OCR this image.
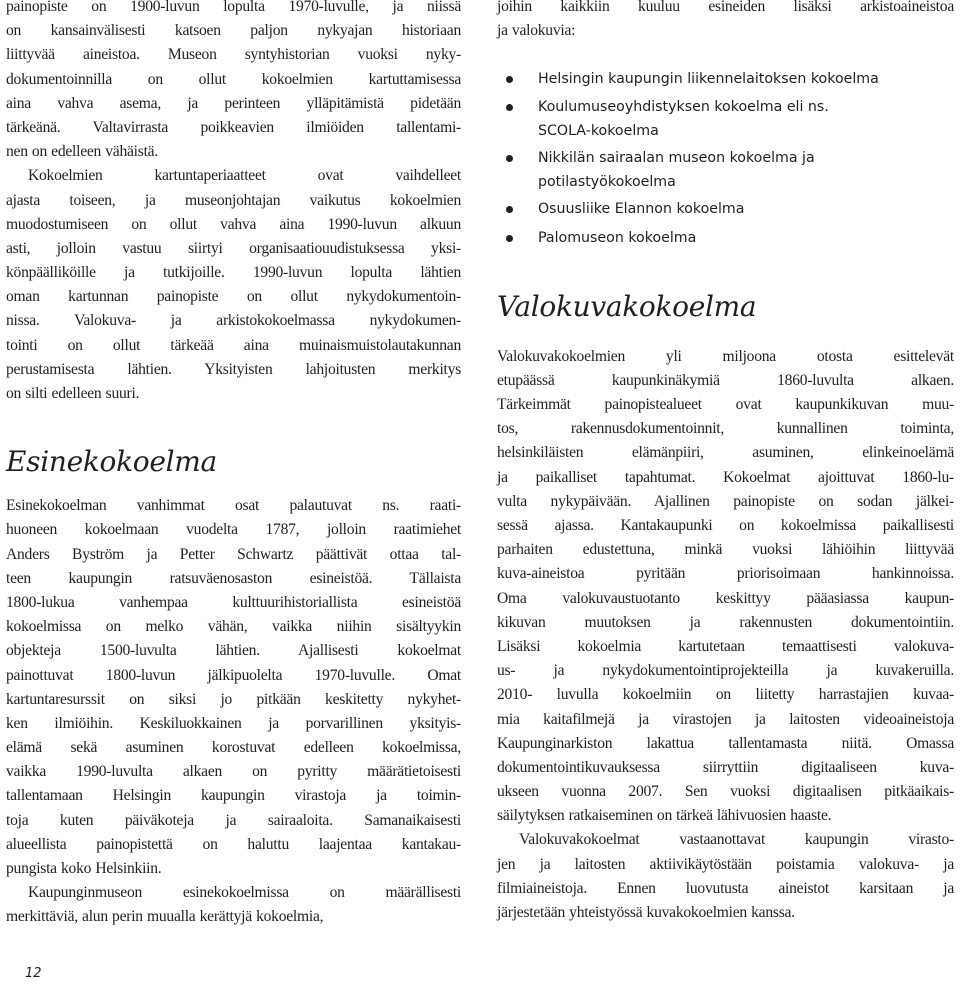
painopiste on 1900-luvun lopulta 1970-luvulle, ja niissä
on kansainvälisesti katsoen paljon nykyajan historiaan
liittyvää aineistoa. Museon syntyhistorian vuoksi nyky-
dokumentoinnilla on ollut kokoelmien kartuttamisessa
aina vahva asema, ja perinteen ylläpitämistä pidetään
tärkeänä. Valtavirrasta poikkeavien ilmiöiden tallentami-
nen on edelleen vähäistä.
Kokoelmien kartuntaperiaatteet ovat vaihdelleet
ajasta toiseen, ja museonjohtajan vaikutus kokoelmien
muodostumiseen on ollut vahva aina 1990-luvun alkuun
asti, jolloin vastuu siirtyi organisaatiouudistuksessa yksi-
könpäälliköille ja tutkijoille. 1990-luvun lopulta lähtien
oman kartunnan painopiste on ollut nykydokumentoin-
nissa. Valokuva- ja arkistokokoelmassa nykydokumen-
tointi on ollut tärkeää aina muinaismuistolautakunnan
perustamisesta lähtien. Yksityisten lahjoitusten merkitys
on silti edelleen suuri.
Esinekokoelma
Esinekokoelman vanhimmat osat palautuvat ns. raati-
huoneen kokoelmaan vuodelta 1787, jolloin raatimiehet
Anders Byström ja Petter Schwartz päättivät ottaa tal-
teen kaupungin ratsuväenosaston esineistöä. Tällaista
1800-lukua vanhempaa kulttuurihistoriallista esineistöä
kokoelmissa on melko vähän, vaikka niihin sisältyykin
objekteja 1500-luvulta lähtien. Ajallisesti kokoelmat
painottuvat 1800-luvun jälkipuolelta 1970-luvulle. Omat
kartuntaresurssit on siksi jo pitkään keskitetty nykyhet-
ken ilmiöihin. Keskiluokkainen ja porvarillinen yksityis-
elämä sekä asuminen korostuvat edelleen kokoelmissa,
vaikka 1990-luvulta alkaen on pyritty määrätietoisesti
tallentamaan Helsingin kaupungin virastoja ja toimin-
toja kuten päiväkoteja ja sairaaloita. Samanaikaisesti
alueellista painopistettä on haluttu laajentaa kantakau-
pungista koko Helsinkiin.
Kaupunginmuseon esinekokoelmissa on määrällisesti
merkittäviä, alun perin muualla kerättyjä kokoelmia,
joihin kaikkiin kuuluu esineiden lisäksi arkistoaineistoa
ja valokuvia:
Helsingin kaupungin liikennelaitoksen kokoelma
Koulumuseoyhdistyksen kokoelma eli ns.
SCOLA-kokoelma
Nikkilän sairaalan museon kokoelma ja
potilastyökokoelma
Osuusliike Elannon kokoelma
Palomuseon kokoelma
Valokuvakokoelma
Valokuvakokoelmien yli miljoona otosta esittelevät
etupäässä kaupunkinäkymiä 1860-luvulta alkaen.
Tärkeimmät painopistealueet ovat kaupunkikuvan muu-
tos, rakennusdokumentoinnit, kunnallinen toiminta,
helsinkiläisten elämänpiiri, asuminen, elinkeinoelämä
ja paikalliset tapahtumat. Kokoelmat ajoittuvat 1860-lu-
vulta nykypäivään. Ajallinen painopiste on sodan jälkei-
sessä ajassa. Kantakaupunki on kokoelmissa paikallisesti
parhaiten edustettuna, minkä vuoksi lähiöihin liittyvää
kuva-aineistoa pyritään priorisoimaan hankinnoissa.
Oma valokuvaustuotanto keskittyy pääasiassa kaupun-
kikuvan muutoksen ja rakennusten dokumentointiin.
Lisäksi kokoelmia kartutetaan temaattisesti valokuva-
us- ja nykydokumentointiprojekteilla ja kuvakeruilla.
2010- luvulla kokoelmiin on liitetty harrastajien kuvaa-
mia kaitafilmejä ja virastojen ja laitosten videoaineistoja
Kaupunginarkiston lakattua tallentamasta niitä. Omassa
dokumentointikuvauksessa siirryttiin digitaaliseen kuva-
ukseen vuonna 2007. Sen vuoksi digitaalisen pitkäaikais-
säilytyksen ratkaiseminen on tärkeä lähivuosien haaste.
Valokuvakokoelmat vastaanottavat kaupungin virasto-
jen ja laitosten aktiivikäytöstään poistamia valokuva- ja
filmiaineistoja. Ennen luovutusta aineistot karsitaan ja
järjestetään yhteistyössä kuvakokoelmien kanssa.
12
